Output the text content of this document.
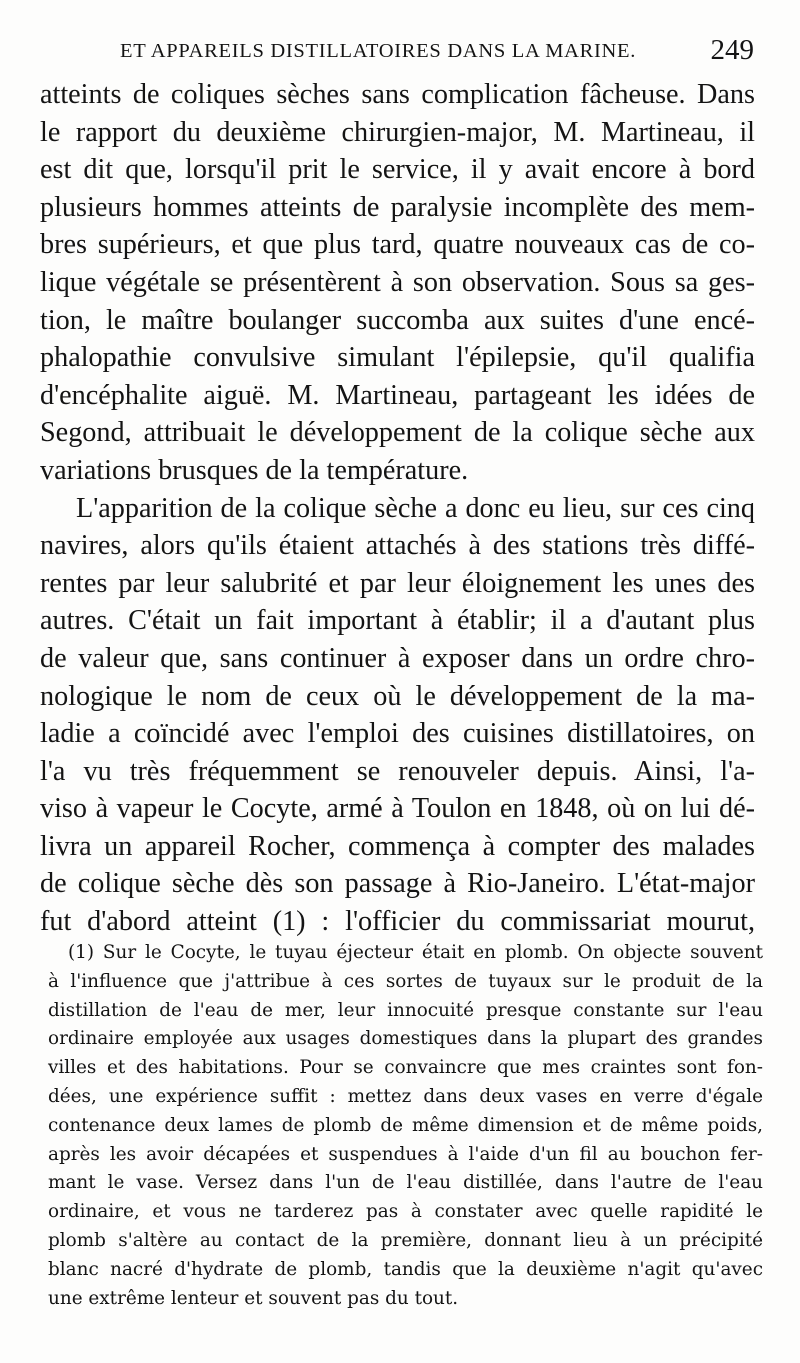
ET APPAREILS DISTILLATOIRES DANS LA MARINE.	249
atteints de coliques sèches sans complication fâcheuse. Dans
le rapport du deuxième chirurgien-major, M. Martineau, il
est dit que, lorsqu'il prit le service, il y avait encore à bord
plusieurs hommes atteints de paralysie incomplète des mem-
bres supérieurs, et que plus tard, quatre nouveaux cas de co-
lique végétale se présentèrent à son observation. Sous sa ges-
tion, le maître boulanger succomba aux suites d'une encé-
phalopathie convulsive simulant l'épilepsie, qu'il qualifia
d'encéphalite aiguë. M. Martineau, partageant les idées de
Segond, attribuait le développement de la colique sèche aux
variations brusques de la température.
L'apparition de la colique sèche a donc eu lieu, sur ces cinq
navires, alors qu'ils étaient attachés à des stations très diffé-
rentes par leur salubrité et par leur éloignement les unes des
autres. C'était un fait important à établir; il a d'autant plus
de valeur que, sans continuer à exposer dans un ordre chro-
nologique le nom de ceux où le développement de la ma-
ladie a coïncidé avec l'emploi des cuisines distillatoires, on
l'a vu très fréquemment se renouveler depuis. Ainsi, l'a-
viso à vapeur le Cocyte, armé à Toulon en 1848, où on lui dé-
livra un appareil Rocher, commença à compter des malades
de colique sèche dès son passage à Rio-Janeiro. L'état-major
fut d'abord atteint (1) : l'officier du commissariat mourut,
(1) Sur le Cocyte, le tuyau éjecteur était en plomb. On objecte souvent
à l'influence que j'attribue à ces sortes de tuyaux sur le produit de la
distillation de l'eau de mer, leur innocuité presque constante sur l'eau
ordinaire employée aux usages domestiques dans la plupart des grandes
villes et des habitations. Pour se convaincre que mes craintes sont fon-
dées, une expérience suffit : mettez dans deux vases en verre d'égale
contenance deux lames de plomb de même dimension et de même poids,
après les avoir décapées et suspendues à l'aide d'un fil au bouchon fer-
mant le vase. Versez dans l'un de l'eau distillée, dans l'autre de l'eau
ordinaire, et vous ne tarderez pas à constater avec quelle rapidité le
plomb s'altère au contact de la première, donnant lieu à un précipité
blanc nacré d'hydrate de plomb, tandis que la deuxième n'agit qu'avec
une extrême lenteur et souvent pas du tout.
